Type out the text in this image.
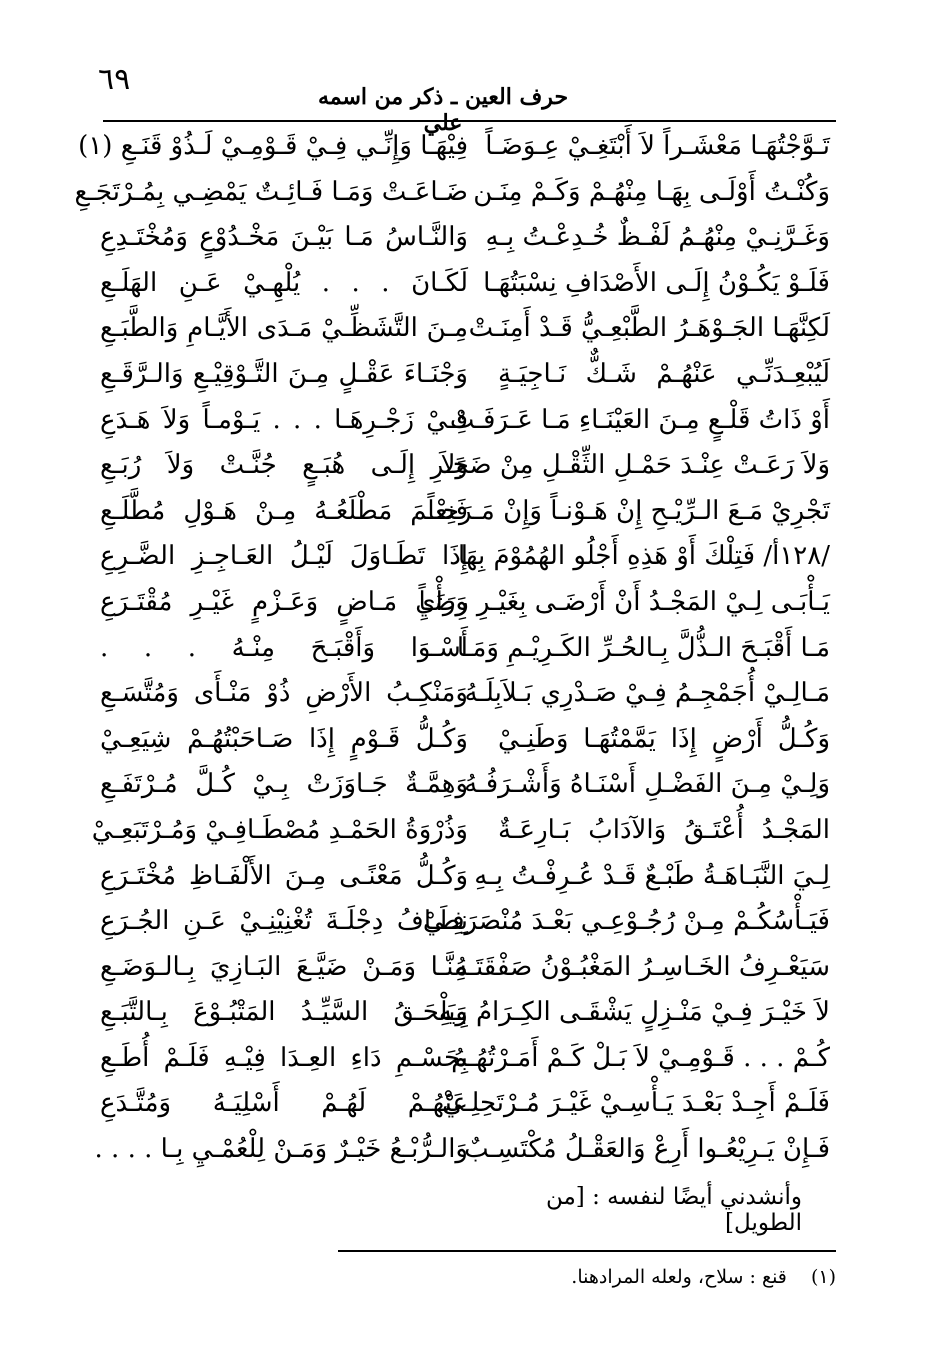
٦٩	حرف العين ـ ذكر من اسمه علي
تَـوَّجْتُهَـا مَعْشَـراً لاَ أَبْتَغِـيْ عِـوَضَـاً
وَكُنْـتُ أَوْلَـى بِهَـا مِنْهُـمْ وَكَـمْ مِنَـن
وَغَـرَّنِـيْ مِنْهُـمُ لَفْـظٌ خُـدِعْـتُ بِـهِ
فَلَـوْ يَكُـوْنُ إِلَـى الأَصْدَافِ نِسْبَتُهَـا
لَكِنَّهَـا الجَـوْهَـرُ الطَّبْعِـيُّ قَـدْ أَمِنَـتْ
لَيُبْعِـدَنِّـي عَنْهُـمْ شَـكٌّ نَـاجِيَـةٍ
أَوْ ذَاتُ قَلْـعٍ مِـنَ العَيْنَـاءِ مَـا عَـرَفَـتْ
وَلاَ رَعَـتْ عِنْـدَ حَمْـلِ الثِّقْـلِ مِنْ ضَجَـرِ
تَجْرِيْ مَـعَ الـرِّيْـحِ إِنْ هَـوْنـاً وَإِنْ مَـرَحـاً
/١٢٨أ/ فَتِلْكَ أَوْ هَذِهِ أَجْلُو الهُمُوْمَ بِهَا
يَـأْبَـى لِـيْ المَجْـدُ أَنْ أَرْضَـى بِغَيْـرِ رِضَـاً
مَـا أَقْبَـحَ الـذُّلَّ بِـالحُـرِّ الكَـرِيْـمِ وَمَـا
مَـالِـيْ أُجَمْجِـمُ فِـيْ صَـدْرِي بَـلاَبِلَـهُ
وَكُـلُّ أَرْضٍ إِذَا يَمَّمْتُهَـا وَطَنِـيْ
وَلِـيْ مِـنَ الفَضْـلِ أَسْنَـاهُ وَأَشْـرَفُـهُ
المَجْـدُ أُعْتَـقُ وَالآدَابُ بَـارِعَـةٌ
لِـيَ النَّبَـاهَـةُ طَبْـعٌ قَـدْ عُـرِفْـتُ بِـهِ
فَيَـأْسُكُـمْ مِـنْ رُجُـوْعِـي بَعْـدَ مُنْصَرَفِـيْ
سَيَعْـرِفُ الخَـاسِـرُ المَغْبُـوْنُ صَفْقَتَـهُ
لاَ خَيْـرَ فِـيْ مَنْـزِلٍ يَشْقَـى الكِـرَامُ بِـهِ
كُـمْ . . . قَـوْمِـيْ لاَ بَـلْ كَـمْ أَمَـرْتُهُـمُ
فَلَـمْ أَجِـدْ بَعْـدَ يَـأْسِـيْ غَيْـرَ مُـرْتَحِلِـيْ
فَـإِنْ يَـرِيْعُـوا أَرِعْ وَالعَقْـلُ مُكْتَسِـبٌ
فِيْهَـا وَإِنِّـي فِـيْ قَـوْمِـيْ لَـذُوْ قَنَـعِ (١)
ضَـاعَـتْ وَمَـا فَـائِـتٌ يَمْضِـي بِمُـرْتَجَـعِ
وَالنَّـاسُ مَـا بَيْـنَ مَخْـدُوْعٍ وَمُخْتَـدِعِ
لَكَـانَ . . . يُلْهِـيْ عَـنِ الهَلَـعِ
مِـنَ التَّشَظِّـيْ مَـدَى الأَيَّـامِ وَالطَّبَـعِ
وَجْنَـاءَ عَقْـلٍ مِـنَ التَّـوْقِيْـعِ وَالـرَّقَـعِ
فِـيْ زَجْـرِهَـا . . . يَـوْمـاً وَلاَ هَـدَعِ
وَلاَ إِلَـى هُبَـعٍ جُنَّـتْ وَلاَ رُبَـعِ
فَنِعْـمَ مَطْلَعُـهُ مِـنْ هَـوْلِ مُطَّلَـعِ
إِذَا تَطَـاوَلَ لَيْـلُ العَـاجِـزِ الضَّـرِعِ
وَرَأْيِ مَـاضٍ وَعَـزْمٍ غَيْـرِ مُقْتَـرَعِ
أَسْـوَا وَأَقْبَـحَ مِنْـهُ . . .
وَمَنْكِـبُ الأَرْضِ ذُوْ مَنْـأَى وَمُتَّسَـعِ
وَكُـلُّ قَـوْمٍ إِذَا صَـاحَبْتُهُـمْ شِيَعِـيْ
وَهِمَّـةٌ جَـاوَزَتْ بِـيْ كُـلَّ مُـرْتَفَـعِ
وَذُرْوَةُ الحَمْـدِ مُصْطَـافِـيْ وَمُـرْتَبَعِـيْ
وَكُـلُّ مَعْنًـى مِـنَ الأَلْفَـاظِ مُخْتَـرَعِ
نِطَـافُ دِجْلَـةَ تُغْنِيْنِـيْ عَـنِ الجُـرَعِ
مِنَّـا وَمَـنْ ضَيَّـعَ البَـازِيَ بِـالـوَضَـعِ
وَيَلْحَـقُ السَّيِّـدُ المَتْبُـوْعَ بِـالتَّبَـعِ
بِحَسْـمِ دَاءِ العِـدَا فِيْـهِ فَلَـمْ أُطَـعِ
عَنْهُـمْ لَهُـمْ أَسْلِيَـهُ وَمُتَّـدَعِ
وَالـرُّبْـعُ خَيْـرٌ وَمَـنْ لِلْعُمْـيِ بِـا . . . .
وأنشدني أيضًا لنفسه : [من الطويل]
(١) قنع : سلاح، ولعله المرادهنا.
